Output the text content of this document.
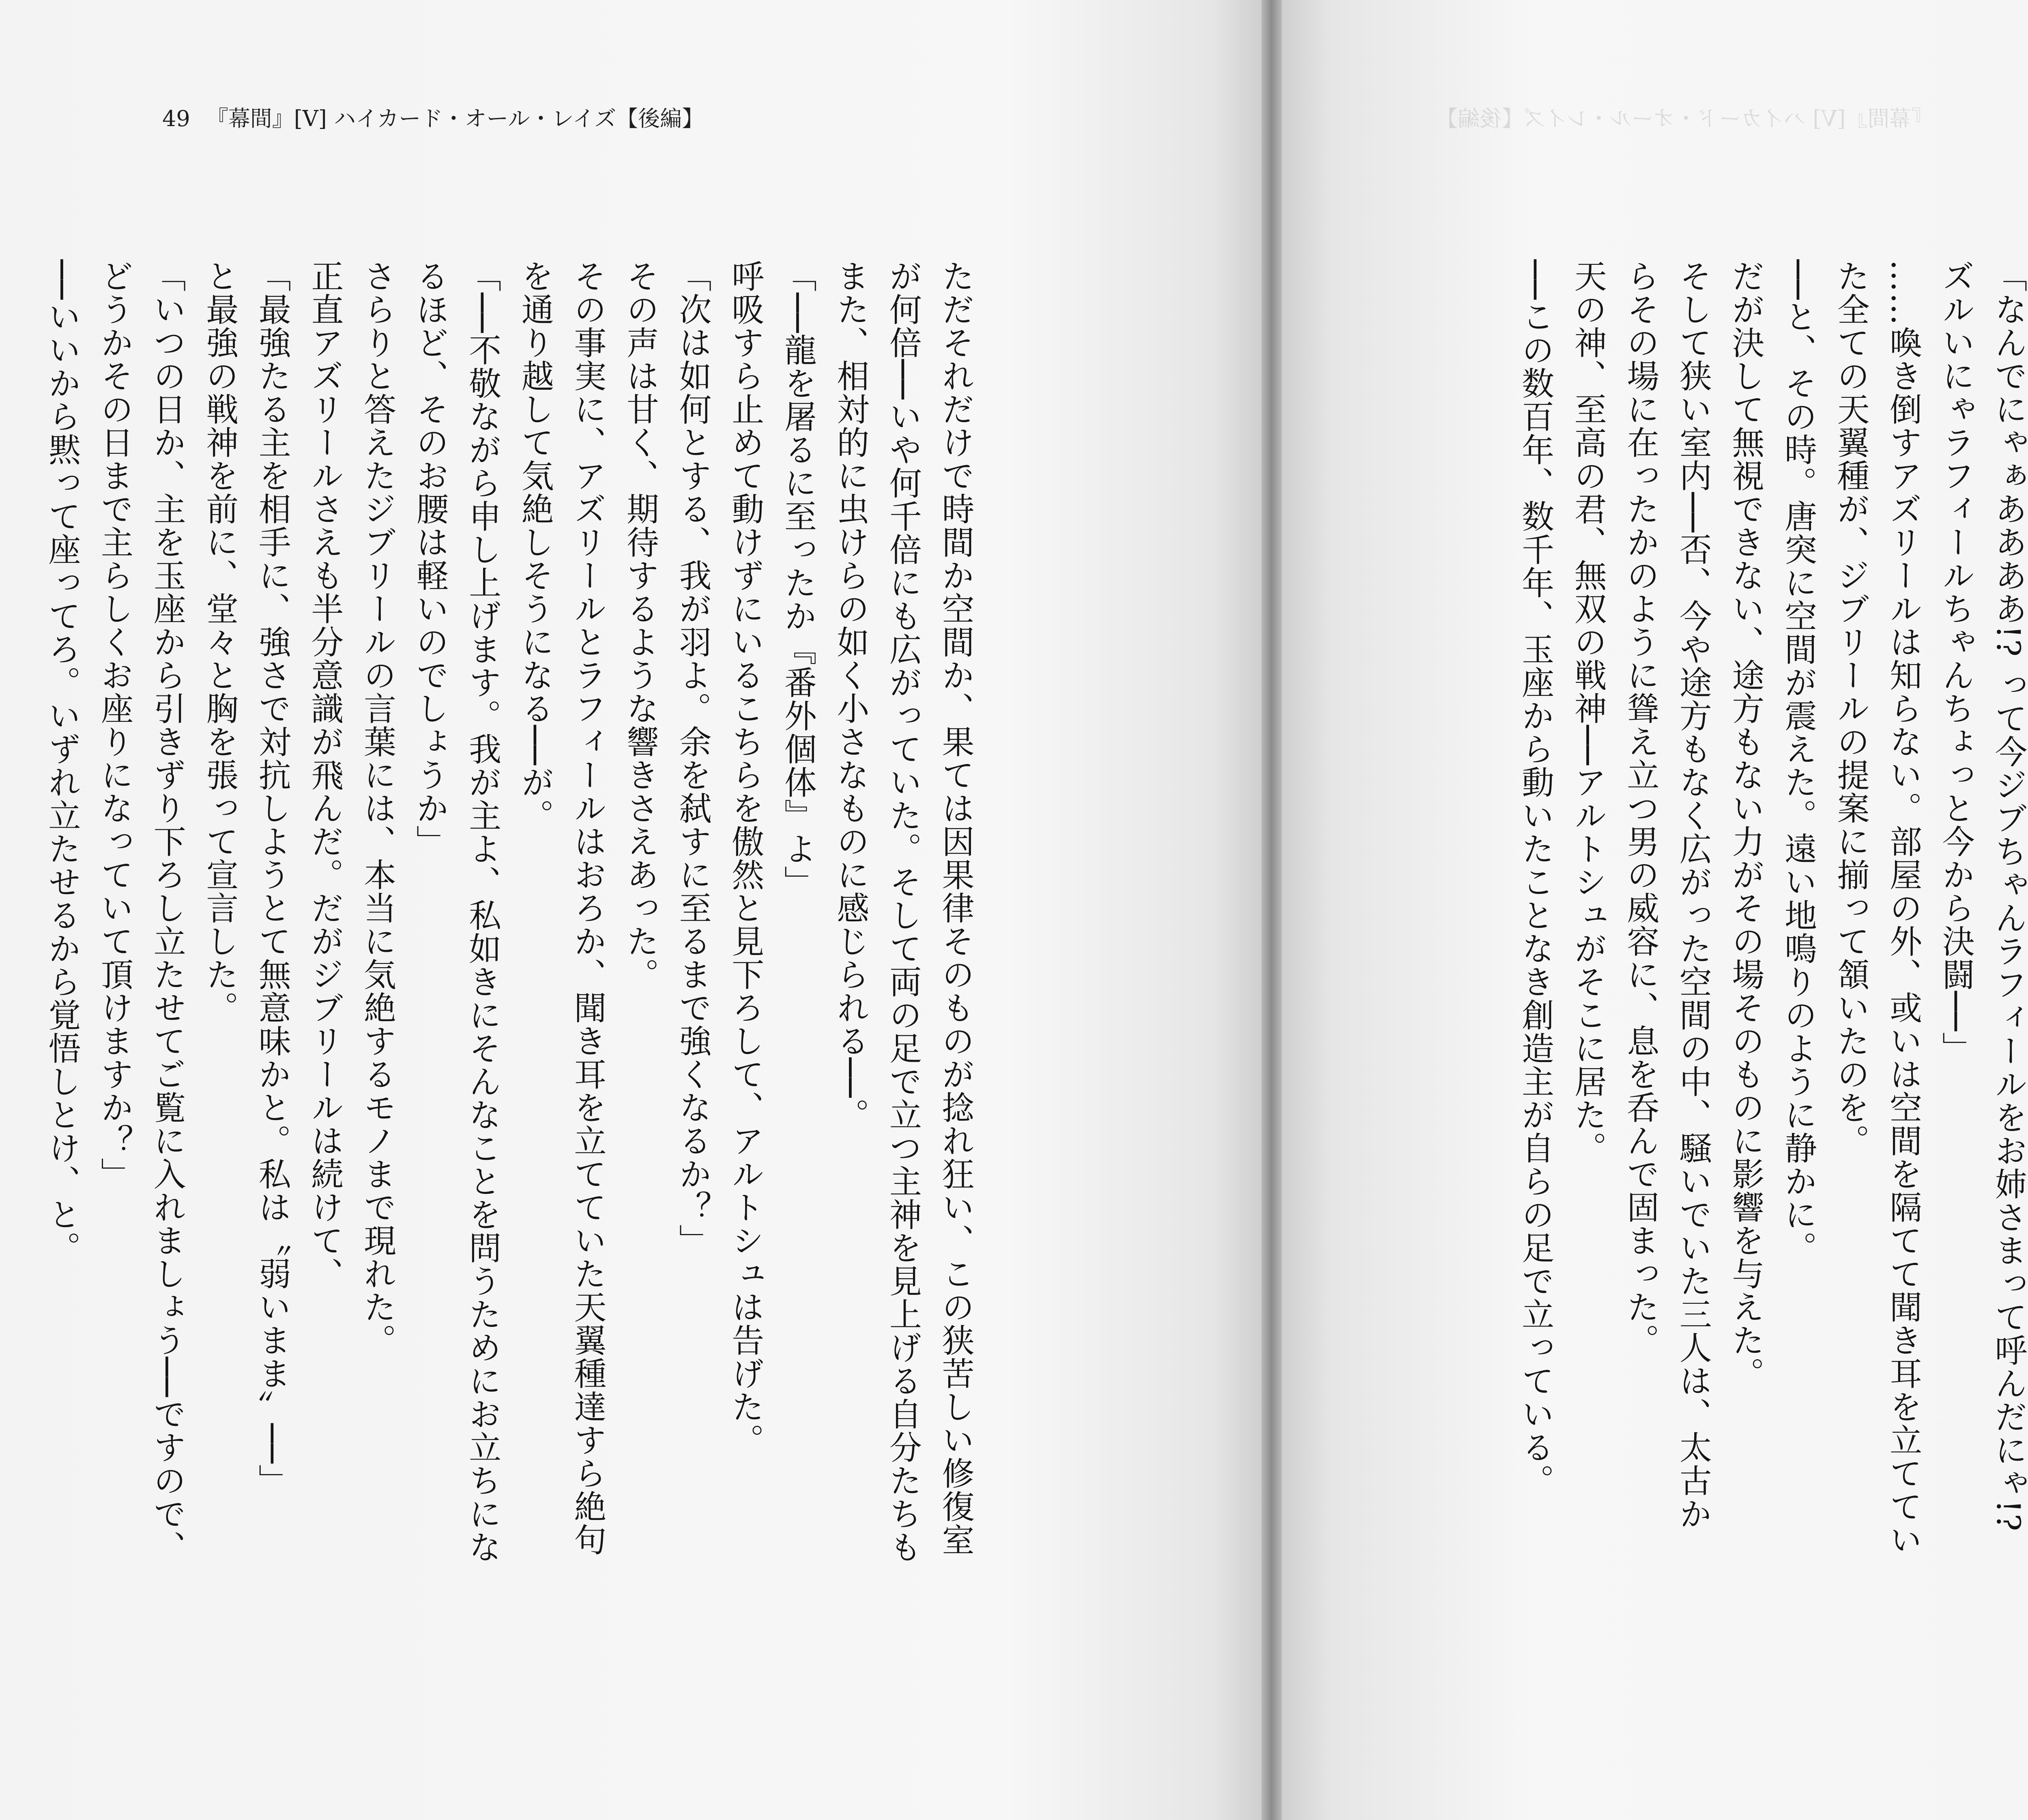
49 『幕間』[V] ハイカード・オール・レイズ【後編】

ただそれだけで時間か空間か、果ては因果律そのものが捻れ狂い、この狭苦しい修復室

が何倍──いや何千倍にも広がっていた。そして両の足で立つ主神を見上げる自分たちも

また、相対的に虫けらの如く小さなものに感じられる──。

「──龍を屠るに至ったか『番外個体』よ」

呼吸すら止めて動けずにいるこちらを傲然と見下ろして、アルトシュは告げた。

「次は如何とする、我が羽よ。余を弑すに至るまで強くなるか？」

その声は甘く、期待するような響きさえあった。

その事実に、アズリールとラフィールはおろか、聞き耳を立てていた天翼種達すら絶句

を通り越して気絶しそうになる──が。

「──不敬ながら申し上げます。我が主よ、私如きにそんなことを問うためにお立ちにな

るほど、そのお腰は軽いのでしょうか」

さらりと答えたジブリールの言葉には、本当に気絶するモノまで現れた。

正直アズリールさえも半分意識が飛んだ。だがジブリールは続けて、

「最強たる主を相手に、強さで対抗しようとて無意味かと。私は〝弱いまま〟──」

と最強の戦神を前に、堂々と胸を張って宣言した。

「いつの日か、主を玉座から引きずり下ろし立たせてご覧に入れましょう──ですので、

どうかその日まで主らしくお座りになっていて頂けますか？」

──いいから黙って座ってろ。いずれ立たせるから覚悟しとけ、と。

『幕間』[V] ハイカード・オール・レイズ【後編】

「なんでにゃぁああああ!? って今ジブちゃんラフィールをお姉さまって呼んだにゃ!?

ズルいにゃラフィールちゃんちょっと今から決闘──」

……喚き倒すアズリールは知らない。部屋の外、或いは空間を隔てて聞き耳を立ててい

た全ての天翼種が、ジブリールの提案に揃って頷いたのを。

──と、その時。唐突に空間が震えた。遠い地鳴りのように静かに。

だが決して無視できない、途方もない力がその場そのものに影響を与えた。

そして狭い室内──否、今や途方もなく広がった空間の中、騒いでいた三人は、太古か

らその場に在ったかのように聳え立つ男の威容に、息を呑んで固まった。

天の神、至高の君、無双の戦神──アルトシュがそこに居た。

──この数百年、数千年、玉座から動いたことなき創造主が自らの足で立っている。
